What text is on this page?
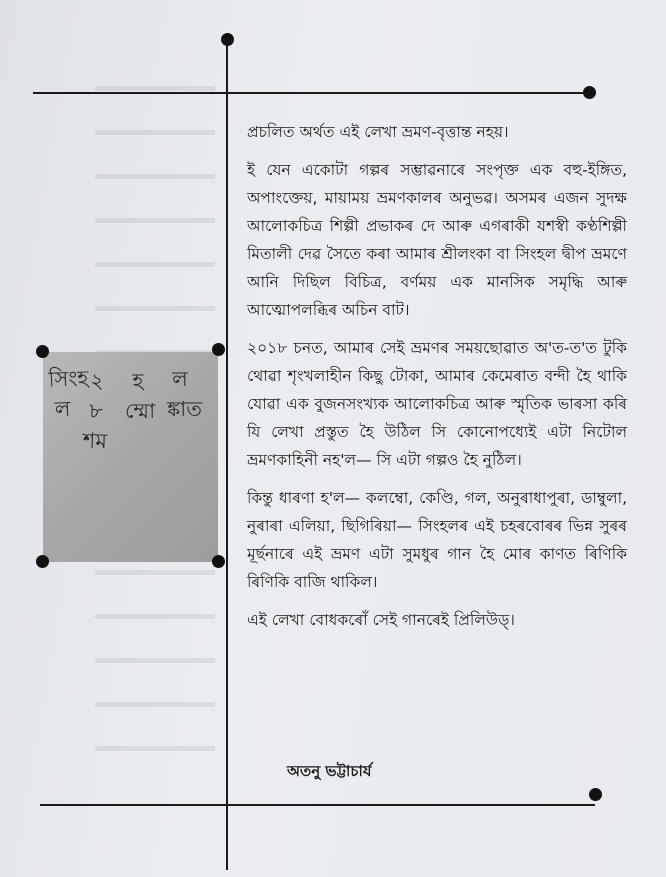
সিংহল
২৮শম
হম্মো
লঙ্কাত

প্ৰচলিত অৰ্থত এই লেখা ভ্ৰমণ-বৃত্তান্ত নহয়।

ই যেন একোটা গল্পৰ সম্ভাৱনাৰে সংপৃক্ত এক বহু-ইঙ্গিত, অপাংক্তেয়, মায়াময় ভ্ৰমণকালৰ অনুভৱ। অসমৰ এজন সুদক্ষ আলোকচিত্ৰ শিল্পী প্ৰভাকৰ দে আৰু এগৰাকী যশস্বী কণ্ঠশিল্পী মিতালী দেৱ সৈতে কৰা আমাৰ শ্ৰীলংকা বা সিংহল দ্বীপ ভ্ৰমণে আনি দিছিল বিচিত্ৰ, বৰ্ণময় এক মানসিক সমৃদ্ধি আৰু আত্মোপলব্ধিৰ অচিন বাট।

২০১৮ চনত, আমাৰ সেই ভ্ৰমণৰ সময়ছোৱাত অ'ত-ত'ত টুকি থোৱা শৃংখলাহীন কিছু টোকা, আমাৰ কেমেৰাত বন্দী হৈ থাকি যোৱা এক বুজনসংখ্যক আলোকচিত্ৰ আৰু স্মৃতিক ভাৰসা কৰি যি লেখা প্ৰস্তুত হৈ উঠিল সি কোনোপধ্যেই এটা নিটোল ভ্ৰমণকাহিনী নহ'ল— সি এটা গল্পও হৈ নুঠিল।

কিন্তু ধাৰণা হ'ল— কলম্বো, কেণ্ডি, গল, অনুৰাধাপুৰা, ডাম্বুলা, নুৰাৰা এলিয়া, ছিগিৰিয়া— সিংহলৰ এই চহৰবোৰৰ ভিন্ন সুৰৰ মূৰ্ছনাৰে এই ভ্ৰমণ এটা সুমধুৰ গান হৈ মোৰ কাণত ৰিণিকি ৰিণিকি বাজি থাকিল।

এই লেখা বোধকৰোঁ সেই গানৰেই প্ৰিলিউড্।

অতনু ভট্টাচাৰ্য
